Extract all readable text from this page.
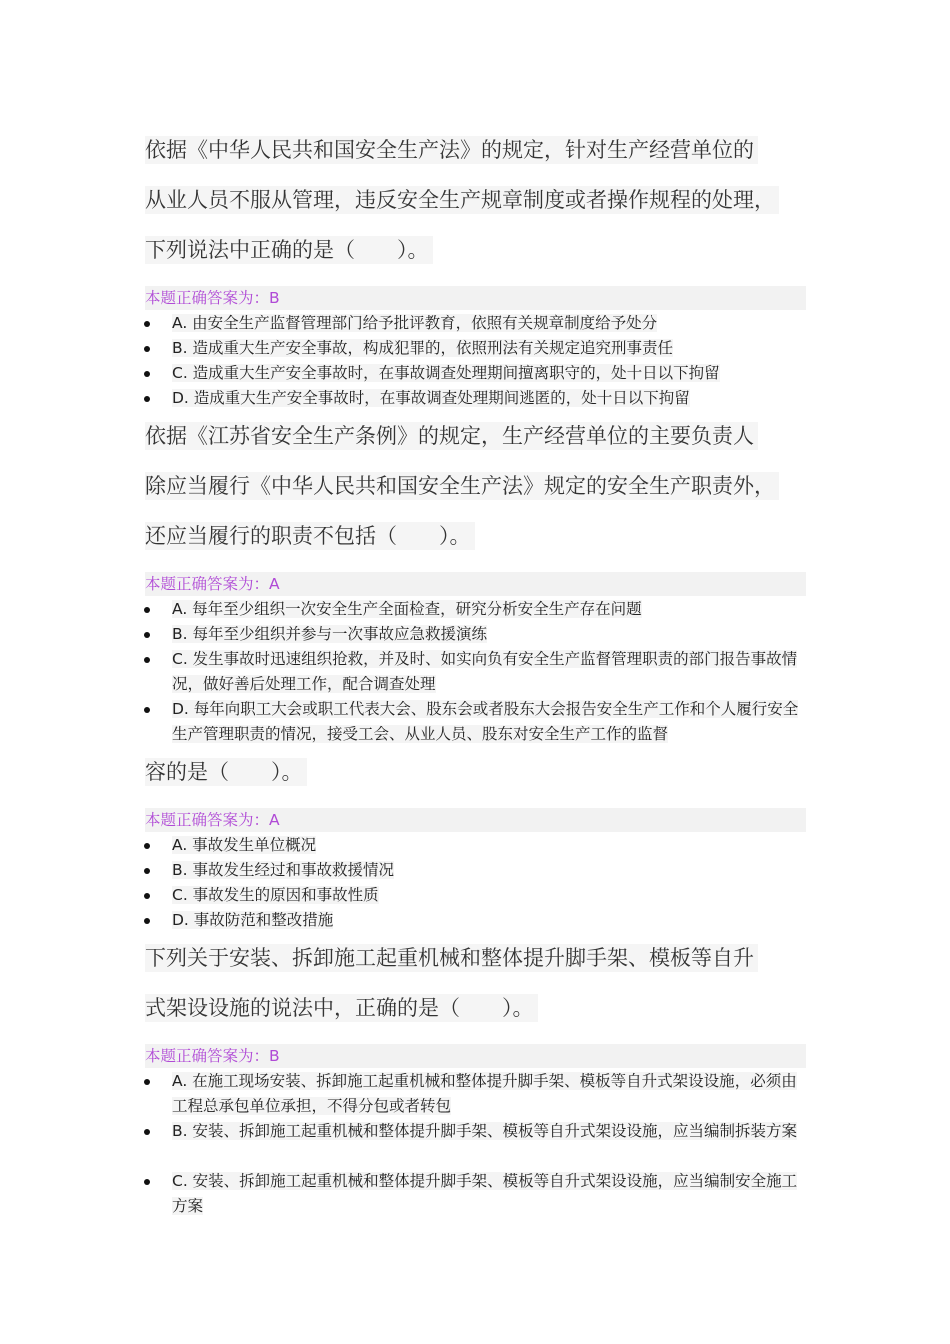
依据《中华人民共和国安全生产法》的规定，针对生产经营单位的
从业人员不服从管理，违反安全生产规章制度或者操作规程的处理，
下列说法中正确的是（　　）。
本题正确答案为：B
A. 由安全生产监督管理部门给予批评教育，依照有关规章制度给予处分
B. 造成重大生产安全事故，构成犯罪的，依照刑法有关规定追究刑事责任
C. 造成重大生产安全事故时，在事故调查处理期间擅离职守的，处十日以下拘留
D. 造成重大生产安全事故时，在事故调查处理期间逃匿的，处十日以下拘留
依据《江苏省安全生产条例》的规定，生产经营单位的主要负责人
除应当履行《中华人民共和国安全生产法》规定的安全生产职责外，
还应当履行的职责不包括（　　）。
本题正确答案为：A
A. 每年至少组织一次安全生产全面检查，研究分析安全生产存在问题
B. 每年至少组织并参与一次事故应急救援演练
C. 发生事故时迅速组织抢救，并及时、如实向负有安全生产监督管理职责的部门报告事故情况，做好善后处理工作，配合调查处理
D. 每年向职工大会或职工代表大会、股东会或者股东大会报告安全生产工作和个人履行安全生产管理职责的情况，接受工会、从业人员、股东对安全生产工作的监督
容的是（　　）。
本题正确答案为：A
A. 事故发生单位概况
B. 事故发生经过和事故救援情况
C. 事故发生的原因和事故性质
D. 事故防范和整改措施
下列关于安装、拆卸施工起重机械和整体提升脚手架、模板等自升
式架设设施的说法中，正确的是（　　）。
本题正确答案为：B
A. 在施工现场安装、拆卸施工起重机械和整体提升脚手架、模板等自升式架设设施，必须由工程总承包单位承担，不得分包或者转包
B. 安装、拆卸施工起重机械和整体提升脚手架、模板等自升式架设设施，应当编制拆装方案
C. 安装、拆卸施工起重机械和整体提升脚手架、模板等自升式架设设施，应当编制安全施工方案
